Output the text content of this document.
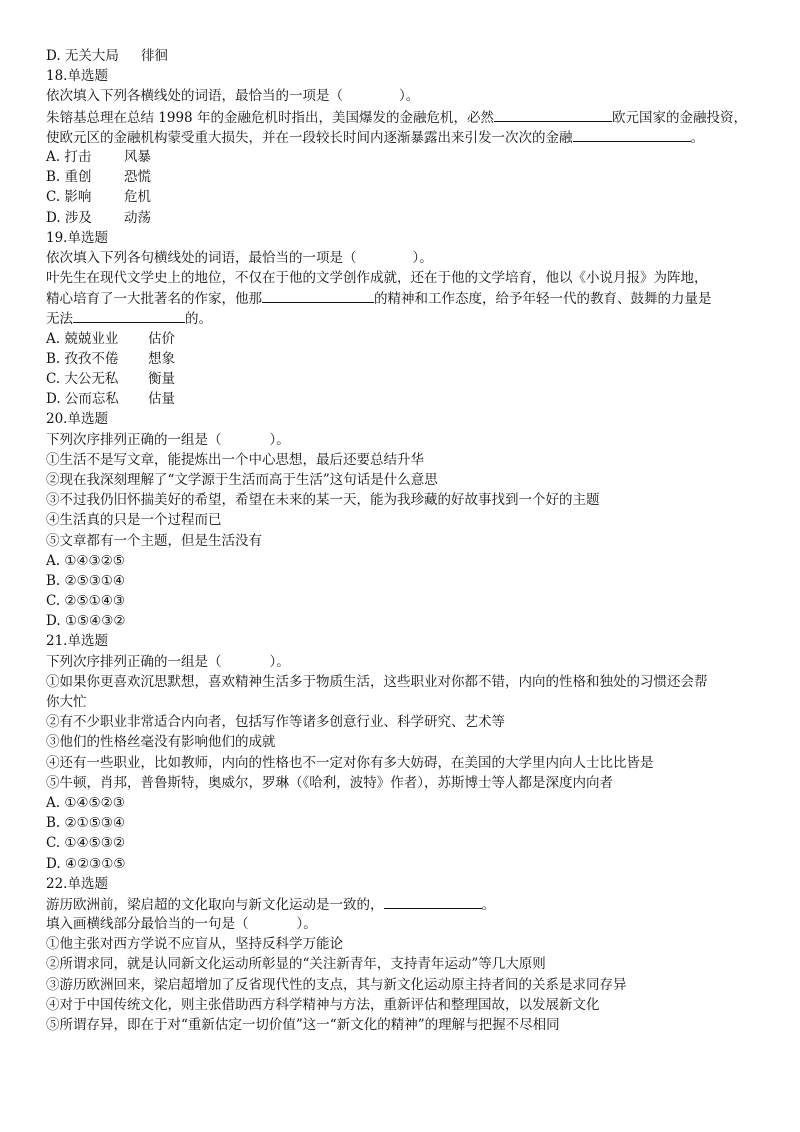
D. 无关大局 徘徊
18.单选题
依次填入下列各横线处的词语，最恰当的一项是（	）。
朱镕基总理在总结 1998 年的金融危机时指出，美国爆发的金融危机，必然	欧元国家的金融投资，
使欧元区的金融机构蒙受重大损失，并在一段较长时间内逐渐暴露出来引发一次次的金融	。
A. 打击 风暴
B. 重创 恐慌
C. 影响 危机
D. 涉及 动荡
19.单选题
依次填入下列各句横线处的词语，最恰当的一项是（	）。
叶先生在现代文学史上的地位，不仅在于他的文学创作成就，还在于他的文学培育，他以《小说月报》为阵地，
精心培育了一大批著名的作家，他那	的精神和工作态度，给予年轻一代的教育、鼓舞的力量是
无法	的。
A. 兢兢业业 估价
B. 孜孜不倦 想象
C. 大公无私 衡量
D. 公而忘私 估量
20.单选题
下列次序排列正确的一组是（	）。
①生活不是写文章，能提炼出一个中心思想，最后还要总结升华
②现在我深刻理解了“文学源于生活而高于生活”这句话是什么意思
③不过我仍旧怀揣美好的希望，希望在未来的某一天，能为我珍藏的好故事找到一个好的主题
④生活真的只是一个过程而已
⑤文章都有一个主题，但是生活没有
A. ①④③②⑤
B. ②⑤③①④
C. ②⑤①④③
D. ①⑤④③②
21.单选题
下列次序排列正确的一组是（	）。
①如果你更喜欢沉思默想，喜欢精神生活多于物质生活，这些职业对你都不错，内向的性格和独处的习惯还会帮
你大忙
②有不少职业非常适合内向者，包括写作等诸多创意行业、科学研究、艺术等
③他们的性格丝毫没有影响他们的成就
④还有一些职业，比如教师，内向的性格也不一定对你有多大妨碍，在美国的大学里内向人士比比皆是
⑤牛顿，肖邦，普鲁斯特，奥威尔，罗琳（《哈利，波特》作者），苏斯博士等人都是深度内向者
A. ①④⑤②③
B. ②①⑤③④
C. ①④⑤③②
D. ④②③①⑤
22.单选题
游历欧洲前，梁启超的文化取向与新文化运动是一致的，	。
填入画横线部分最恰当的一句是（	）。
①他主张对西方学说不应盲从，坚持反科学万能论
②所谓求同，就是认同新文化运动所彰显的“关注新青年，支持青年运动”等几大原则
③游历欧洲回来，梁启超增加了反省现代性的支点，其与新文化运动原主持者间的关系是求同存异
④对于中国传统文化，则主张借助西方科学精神与方法，重新评估和整理国故，以发展新文化
⑤所谓存异，即在于对“重新估定一切价值”这一“新文化的精神”的理解与把握不尽相同
